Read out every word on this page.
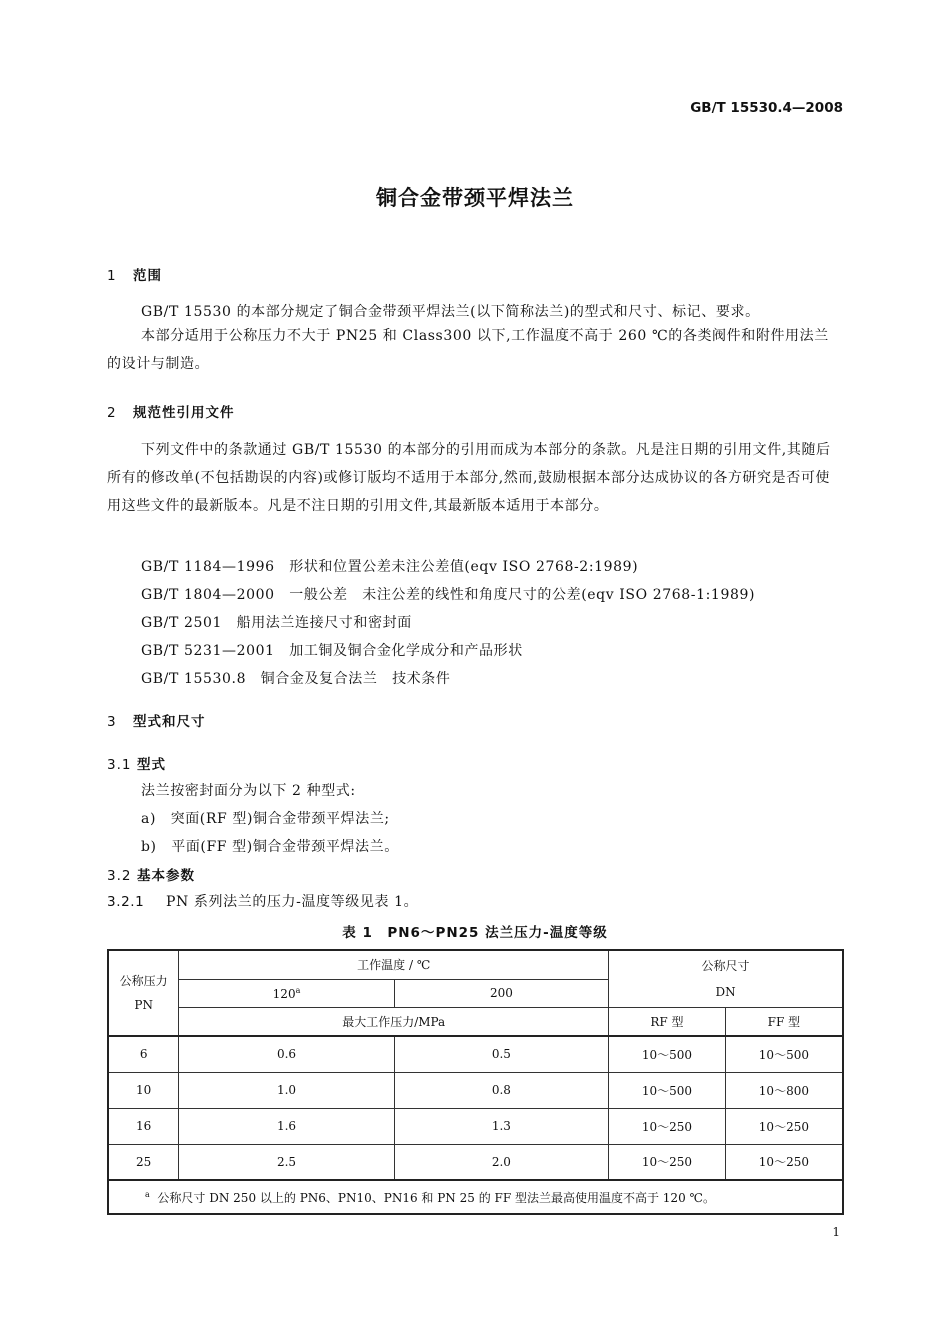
GB/T 15530.4—2008
铜合金带颈平焊法兰
1 范围
GB/T 15530 的本部分规定了铜合金带颈平焊法兰(以下简称法兰)的型式和尺寸、标记、要求。
本部分适用于公称压力不大于 PN25 和 Class300 以下,工作温度不高于 260 ℃的各类阀件和附件用法兰的设计与制造。
2 规范性引用文件
下列文件中的条款通过 GB/T 15530 的本部分的引用而成为本部分的条款。凡是注日期的引用文件,其随后所有的修改单(不包括勘误的内容)或修订版均不适用于本部分,然而,鼓励根据本部分达成协议的各方研究是否可使用这些文件的最新版本。凡是不注日期的引用文件,其最新版本适用于本部分。
GB/T 1184—1996　形状和位置公差未注公差值(eqv ISO 2768-2:1989)
GB/T 1804—2000　一般公差　未注公差的线性和角度尺寸的公差(eqv ISO 2768-1:1989)
GB/T 2501　船用法兰连接尺寸和密封面
GB/T 5231—2001　加工铜及铜合金化学成分和产品形状
GB/T 15530.8　铜合金及复合法兰　技术条件
3 型式和尺寸
3.1 型式
法兰按密封面分为以下 2 种型式:
a)　突面(RF 型)铜合金带颈平焊法兰;
b)　平面(FF 型)铜合金带颈平焊法兰。
3.2 基本参数
3.2.1 PN 系列法兰的压力-温度等级见表 1。
表 1　PN6～PN25 法兰压力-温度等级
公称压力
PN	工作温度 / ℃		公称尺寸
DN	

	120$^a$	200		
	最大工作压力/MPa		RF 型	FF 型
6	0.6	0.5	10～500	10～500
10	1.0	0.8	10～500	10～800
16	1.6	1.3	10～250	10～250
25	2.5	2.0	10～250	10～250
$^a$ 公称尺寸 DN 250 以上的 PN6、PN10、PN16 和 PN 25 的 FF 型法兰最高使用温度不高于 120 ℃。				
1
